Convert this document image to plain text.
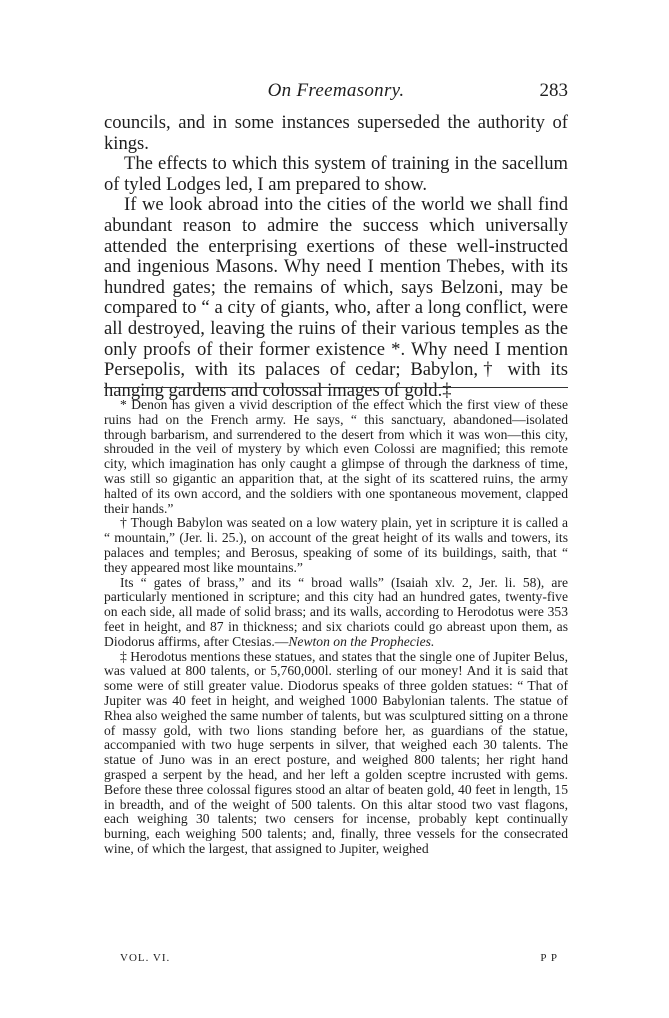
On Freemasonry.	283

councils, and in some instances superseded the authority of kings.

The effects to which this system of training in the sacellum of tyled Lodges led, I am prepared to show.

If we look abroad into the cities of the world we shall find abundant reason to admire the success which universally attended the enterprising exertions of these well-instructed and ingenious Masons. Why need I mention Thebes, with its hundred gates; the remains of which, says Belzoni, may be compared to “ a city of giants, who, after a long conflict, were all destroyed, leaving the ruins of their various temples as the only proofs of their former existence *. Why need I mention Persepolis, with its palaces of cedar; Babylon,† with its hanging gardens and colossal images of gold.‡

* Denon has given a vivid description of the effect which the first view of these ruins had on the French army. He says, “ this sanctuary, abandoned—isolated through barbarism, and surrendered to the desert from which it was won—this city, shrouded in the veil of mystery by which even Colossi are magnified; this remote city, which imagination has only caught a glimpse of through the darkness of time, was still so gigantic an apparition that, at the sight of its scattered ruins, the army halted of its own accord, and the soldiers with one spontaneous movement, clapped their hands.”

† Though Babylon was seated on a low watery plain, yet in scripture it is called a “ mountain,” (Jer. li. 25.), on account of the great height of its walls and towers, its palaces and temples; and Berosus, speaking of some of its buildings, saith, that “ they appeared most like mountains.”

Its “ gates of brass,” and its “ broad walls” (Isaiah xlv. 2, Jer. li. 58), are particularly mentioned in scripture; and this city had an hundred gates, twenty-five on each side, all made of solid brass; and its walls, according to Herodotus were 353 feet in height, and 87 in thickness; and six chariots could go abreast upon them, as Diodorus affirms, after Ctesias.—Newton on the Prophecies.

‡ Herodotus mentions these statues, and states that the single one of Jupiter Belus, was valued at 800 talents, or 5,760,000l. sterling of our money! And it is said that some were of still greater value. Diodorus speaks of three golden statues: “ That of Jupiter was 40 feet in height, and weighed 1000 Babylonian talents. The statue of Rhea also weighed the same number of talents, but was sculptured sitting on a throne of massy gold, with two lions standing before her, as guardians of the statue, accompanied with two huge serpents in silver, that weighed each 30 talents. The statue of Juno was in an erect posture, and weighed 800 talents; her right hand grasped a serpent by the head, and her left a golden sceptre incrusted with gems. Before these three colossal figures stood an altar of beaten gold, 40 feet in length, 15 in breadth, and of the weight of 500 talents. On this altar stood two vast flagons, each weighing 30 talents; two censers for incense, probably kept continually burning, each weighing 500 talents; and, finally, three vessels for the consecrated wine, of which the largest, that assigned to Jupiter, weighed

VOL. VI.	P P
